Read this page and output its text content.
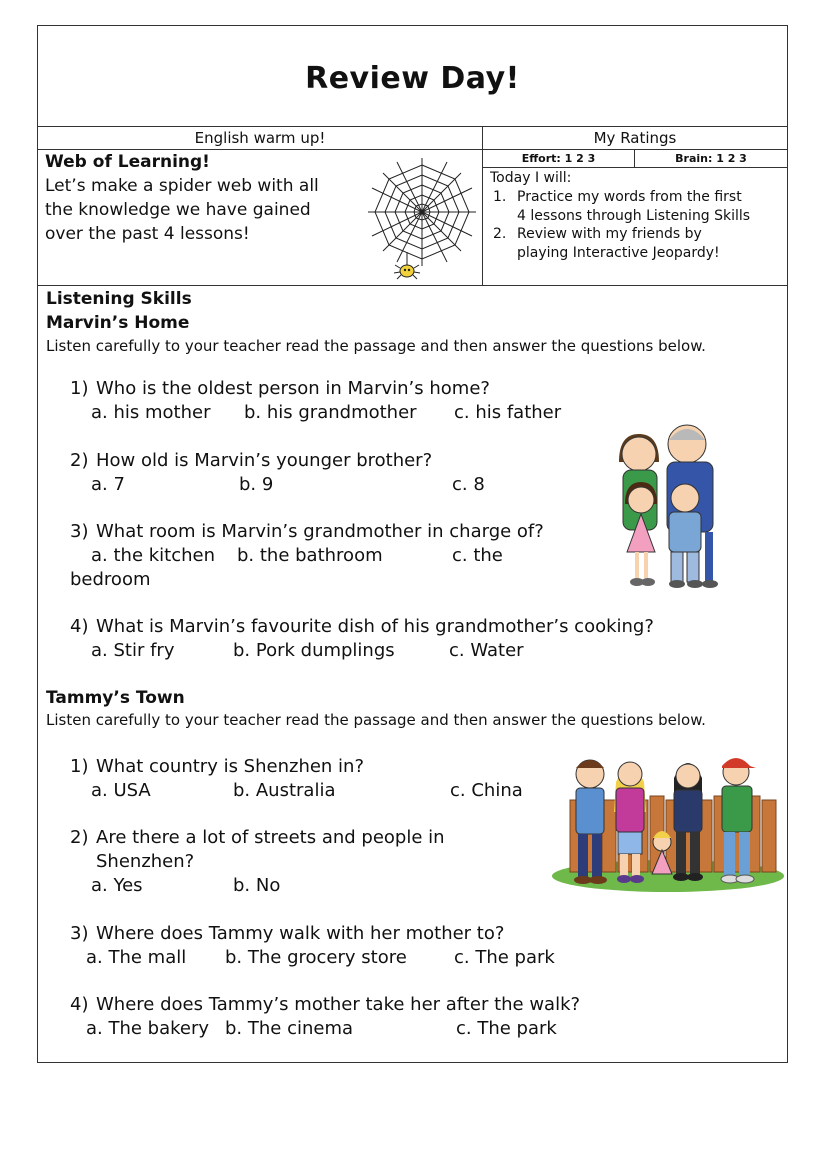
Review Day!
English warm up!	My Ratings
Web of Learning!
Let’s make a spider web with all
the knowledge we have gained
over the past 4 lessons!
Effort: 1 2 3	Brain: 1 2 3
Today I will:
1. Practice my words from the first
4 lessons through Listening Skills
2. Review with my friends by
playing Interactive Jeopardy!
Listening Skills
Marvin’s Home
Listen carefully to your teacher read the passage and then answer the questions below.
1) Who is the oldest person in Marvin’s home?
a. his mother b. his grandmother c. his father
2) How old is Marvin’s younger brother?
a. 7	b. 9	c. 8
3) What room is Marvin’s grandmother in charge of?
a. the kitchen b. the bathroom	c. the
bedroom
4) What is Marvin’s favourite dish of his grandmother’s cooking?
a. Stir fry	b. Pork dumplings	c. Water
Tammy’s Town
Listen carefully to your teacher read the passage and then answer the questions below.
1) What country is Shenzhen in?
a. USA	b. Australia	c. China
2) Are there a lot of streets and people in
Shenzhen?
a. Yes	b. No
3) Where does Tammy walk with her mother to?
a. The mall b. The grocery store	c. The park
4) Where does Tammy’s mother take her after the walk?
a. The bakery b. The cinema	c. The park
